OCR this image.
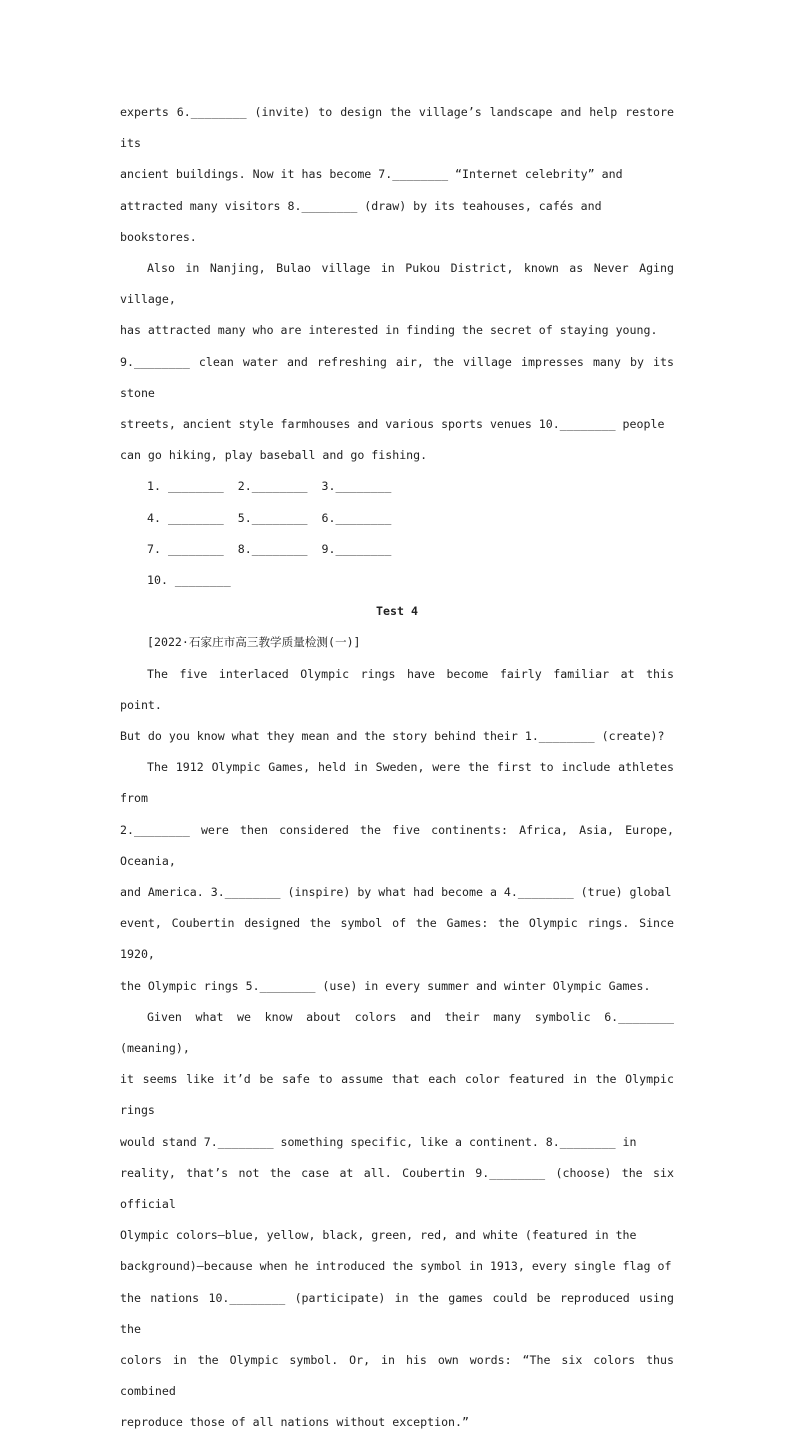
experts 6.________ (invite) to design the village’s landscape and help restore its

ancient buildings. Now it has become 7.________ “Internet celebrity” and

attracted many visitors 8.________ (draw) by its teahouses, cafés and bookstores.

Also in Nanjing, Bulao village in Pukou District, known as Never Aging village,

has attracted many who are interested in finding the secret of staying young.

9.________ clean water and refreshing air, the village impresses many by its stone

streets, ancient style farmhouses and various sports venues 10.________ people

can go hiking, play baseball and go fishing.

1. ________  2.________  3.________
4. ________  5.________  6.________
7. ________  8.________  9.________
10. ________

Test 4

[2022·石家庄市高三教学质量检测(一)]

The five interlaced Olympic rings have become fairly familiar at this point.

But do you know what they mean and the story behind their 1.________ (create)?

The 1912 Olympic Games, held in Sweden, were the first to include athletes from

2.________ were then considered the five continents: Africa, Asia, Europe, Oceania,

and America. 3.________ (inspire) by what had become a 4.________ (true) global

event, Coubertin designed the symbol of the Games: the Olympic rings. Since 1920,

the Olympic rings 5.________ (use) in every summer and winter Olympic Games.

Given what we know about colors and their many symbolic 6.________ (meaning),

it seems like it’d be safe to assume that each color featured in the Olympic rings

would stand 7.________ something specific, like a continent. 8.________ in

reality, that’s not the case at all. Coubertin 9.________ (choose) the six official

Olympic colors—blue, yellow, black, green, red, and white (featured in the

background)—because when he introduced the symbol in 1913, every single flag of

the nations 10.________ (participate) in the games could be reproduced using the

colors in the Olympic symbol. Or, in his own words: “The six colors thus combined

reproduce those of all nations without exception.”
